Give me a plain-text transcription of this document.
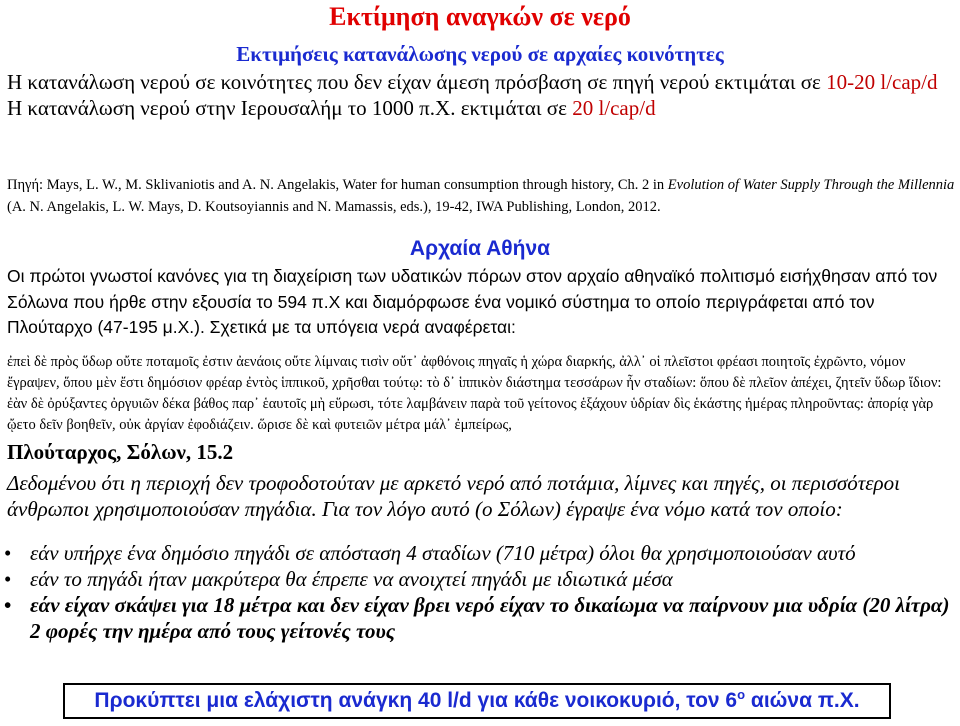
Εκτίμηση αναγκών σε νερό
Εκτιμήσεις κατανάλωσης νερού σε αρχαίες κοινότητες
Η κατανάλωση νερού σε κοινότητες που δεν είχαν άμεση πρόσβαση σε πηγή νερού εκτιμάται σε 10-20 l/cap/d
Η κατανάλωση νερού στην Ιερουσαλήμ το 1000 π.Χ. εκτιμάται σε 20 l/cap/d
Πηγή: Mays, L. W., M. Sklivaniotis and A. N. Angelakis, Water for human consumption through history, Ch. 2 in Evolution of Water Supply Through the Millennia (A. N. Angelakis, L. W. Mays, D. Koutsoyiannis and N. Mamassis, eds.), 19-42, IWA Publishing, London, 2012.
Αρχαία Αθήνα
Οι πρώτοι γνωστοί κανόνες για τη διαχείριση των υδατικών πόρων στον αρχαίο αθηναϊκό πολιτισμό εισήχθησαν από τον Σόλωνα που ήρθε στην εξουσία το 594 π.Χ και διαμόρφωσε ένα νομικό σύστημα το οποίο περιγράφεται από τον Πλούταρχο (47-195 μ.Χ.). Σχετικά με τα υπόγεια νερά αναφέρεται:
ἐπεὶ δὲ πρὸς ὕδωρ οὔτε ποταμοῖς ἐστιν ἀενάοις οὔτε λίμναις τισὶν οὔτ᾽ ἀφθόνοις πηγαῖς ἡ χώρα διαρκής, ἀλλ᾽ οἱ πλεῖστοι φρέασι ποιητοῖς ἐχρῶντο, νόμον ἔγραψεν, ὅπου μὲν ἔστι δημόσιον φρέαρ ἐντὸς ἱππικοῦ, χρῆσθαι τούτῳ: τὸ δ᾽ ἱππικὸν διάστημα τεσσάρων ἦν σταδίων: ὅπου δὲ πλεῖον ἀπέχει, ζητεῖν ὕδωρ ἴδιον: ἐὰν δὲ ὀρύξαντες ὀργυιῶν δέκα βάθος παρ᾽ ἑαυτοῖς μὴ εὕρωσι, τότε λαμβάνειν παρὰ τοῦ γείτονος ἑξάχουν ὑδρίαν δὶς ἑκάστης ἡμέρας πληροῦντας: ἀπορίᾳ γὰρ ᾤετο δεῖν βοηθεῖν, οὐκ ἀργίαν ἐφοδιάζειν. ὥρισε δὲ καὶ φυτειῶν μέτρα μάλ᾽ ἐμπείρως,
Πλούταρχος, Σόλων, 15.2
Δεδομένου ότι η περιοχή δεν τροφοδοτούταν με αρκετό νερό από ποτάμια, λίμνες και πηγές, οι περισσότεροι άνθρωποι χρησιμοποιούσαν πηγάδια. Για τον λόγο αυτό (ο Σόλων) έγραψε ένα νόμο κατά τον οποίο:
• εάν υπήρχε ένα δημόσιο πηγάδι σε απόσταση 4 σταδίων (710 μέτρα) όλοι θα χρησιμοποιούσαν αυτό
• εάν το πηγάδι ήταν μακρύτερα θα έπρεπε να ανοιχτεί πηγάδι με ιδιωτικά μέσα
• εάν είχαν σκάψει για 18 μέτρα και δεν είχαν βρει νερό είχαν το δικαίωμα να παίρνουν μια υδρία (20 λίτρα) 2 φορές την ημέρα από τους γείτονές τους
Προκύπτει μια ελάχιστη ανάγκη 40 l/d για κάθε νοικοκυριό, τον $6^o$ αιώνα π.Χ.
